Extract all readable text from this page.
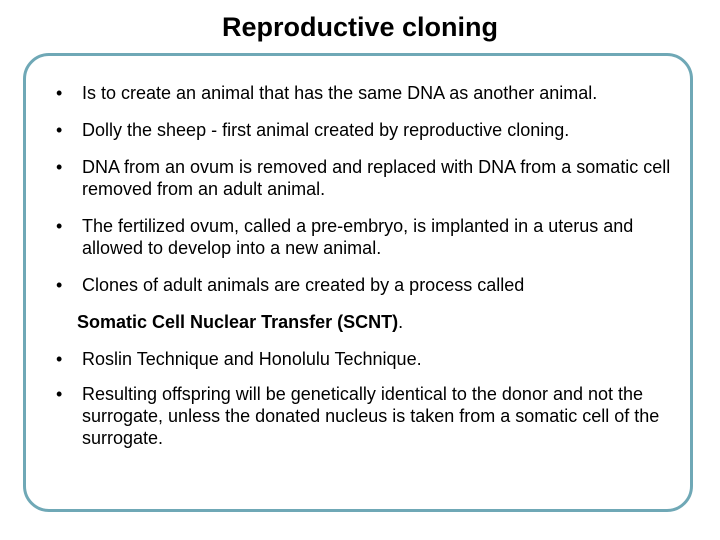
Reproductive cloning
• Is to create an animal that has the same DNA as another animal.
• Dolly the sheep - first animal created by reproductive cloning.
• DNA from an ovum is removed and replaced with DNA from a somatic cell removed from an adult animal.
• The fertilized ovum, called a pre-embryo, is implanted in a uterus and allowed to develop into a new animal.
• Clones of adult animals are created by a process called
Somatic Cell Nuclear Transfer (SCNT).
• Roslin Technique and Honolulu Technique.
• Resulting offspring will be genetically identical to the donor and not the surrogate, unless the donated nucleus is taken from a somatic cell of the surrogate.
